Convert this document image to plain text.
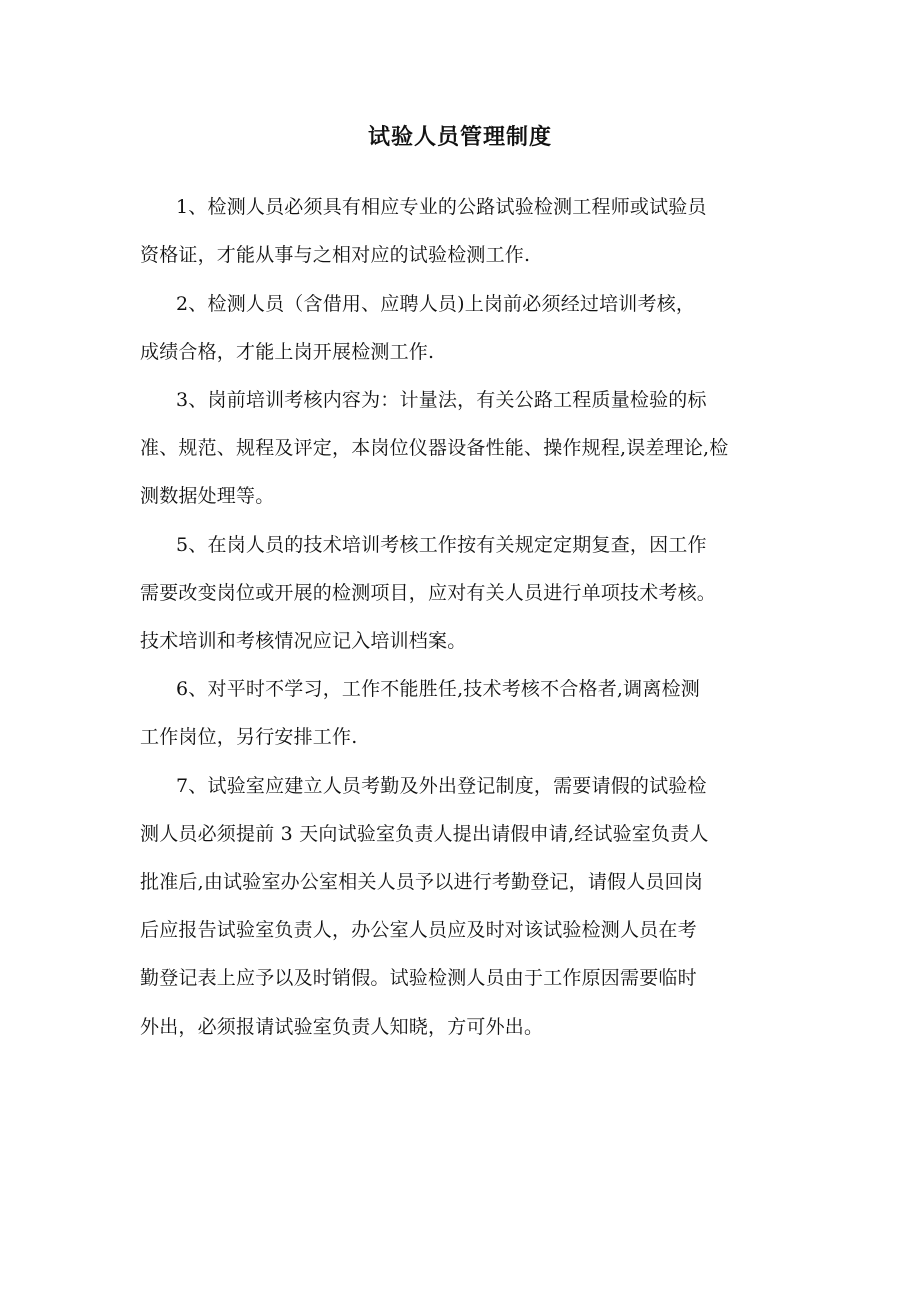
试验人员管理制度
1、检测人员必须具有相应专业的公路试验检测工程师或试验员
资格证，才能从事与之相对应的试验检测工作.
2、检测人员（含借用、应聘人员)上岗前必须经过培训考核，
成绩合格，才能上岗开展检测工作.
3、岗前培训考核内容为：计量法，有关公路工程质量检验的标
准、规范、规程及评定，本岗位仪器设备性能、操作规程,误差理论,检
测数据处理等。
5、在岗人员的技术培训考核工作按有关规定定期复查，因工作
需要改变岗位或开展的检测项目，应对有关人员进行单项技术考核。
技术培训和考核情况应记入培训档案。
6、对平时不学习，工作不能胜任,技术考核不合格者,调离检测
工作岗位，另行安排工作.
7、试验室应建立人员考勤及外出登记制度，需要请假的试验检
测人员必须提前 3 天向试验室负责人提出请假申请,经试验室负责人
批准后,由试验室办公室相关人员予以进行考勤登记，请假人员回岗
后应报告试验室负责人，办公室人员应及时对该试验检测人员在考
勤登记表上应予以及时销假。试验检测人员由于工作原因需要临时
外出，必须报请试验室负责人知晓，方可外出。
